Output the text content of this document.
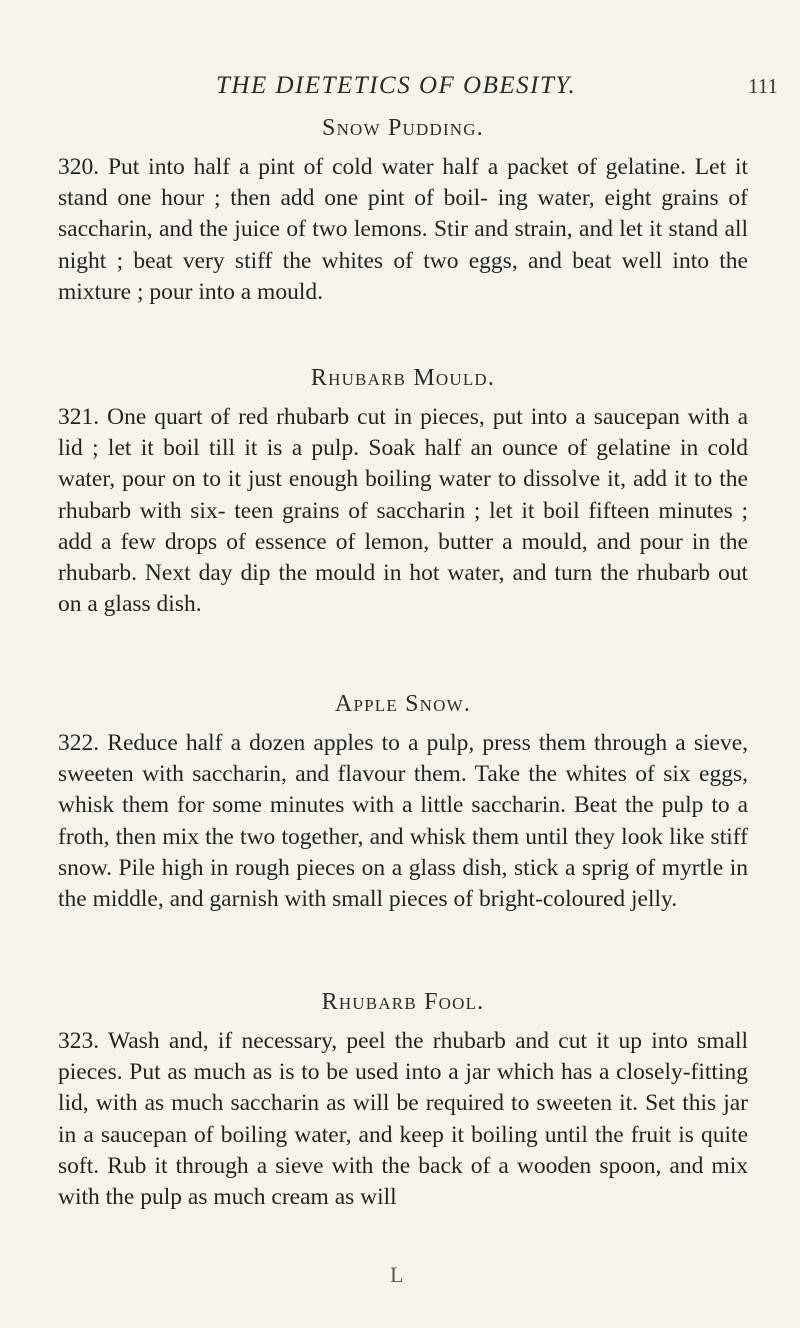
THE DIETETICS OF OBESITY.	111
Snow Pudding.

320. Put into half a pint of cold water half a packet of gelatine. Let it stand one hour ; then add one pint of boil- ing water, eight grains of saccharin, and the juice of two lemons. Stir and strain, and let it stand all night ; beat very stiff the whites of two eggs, and beat well into the mixture ; pour into a mould.

Rhubarb Mould.

321. One quart of red rhubarb cut in pieces, put into a saucepan with a lid ; let it boil till it is a pulp. Soak half an ounce of gelatine in cold water, pour on to it just enough boiling water to dissolve it, add it to the rhubarb with six- teen grains of saccharin ; let it boil fifteen minutes ; add a few drops of essence of lemon, butter a mould, and pour in the rhubarb. Next day dip the mould in hot water, and turn the rhubarb out on a glass dish.

Apple Snow.

322. Reduce half a dozen apples to a pulp, press them through a sieve, sweeten with saccharin, and flavour them. Take the whites of six eggs, whisk them for some minutes with a little saccharin. Beat the pulp to a froth, then mix the two together, and whisk them until they look like stiff snow. Pile high in rough pieces on a glass dish, stick a sprig of myrtle in the middle, and garnish with small pieces of bright-coloured jelly.

Rhubarb Fool.

323. Wash and, if necessary, peel the rhubarb and cut it up into small pieces. Put as much as is to be used into a jar which has a closely-fitting lid, with as much saccharin as will be required to sweeten it. Set this jar in a saucepan of boiling water, and keep it boiling until the fruit is quite soft. Rub it through a sieve with the back of a wooden spoon, and mix with the pulp as much cream as will

L
